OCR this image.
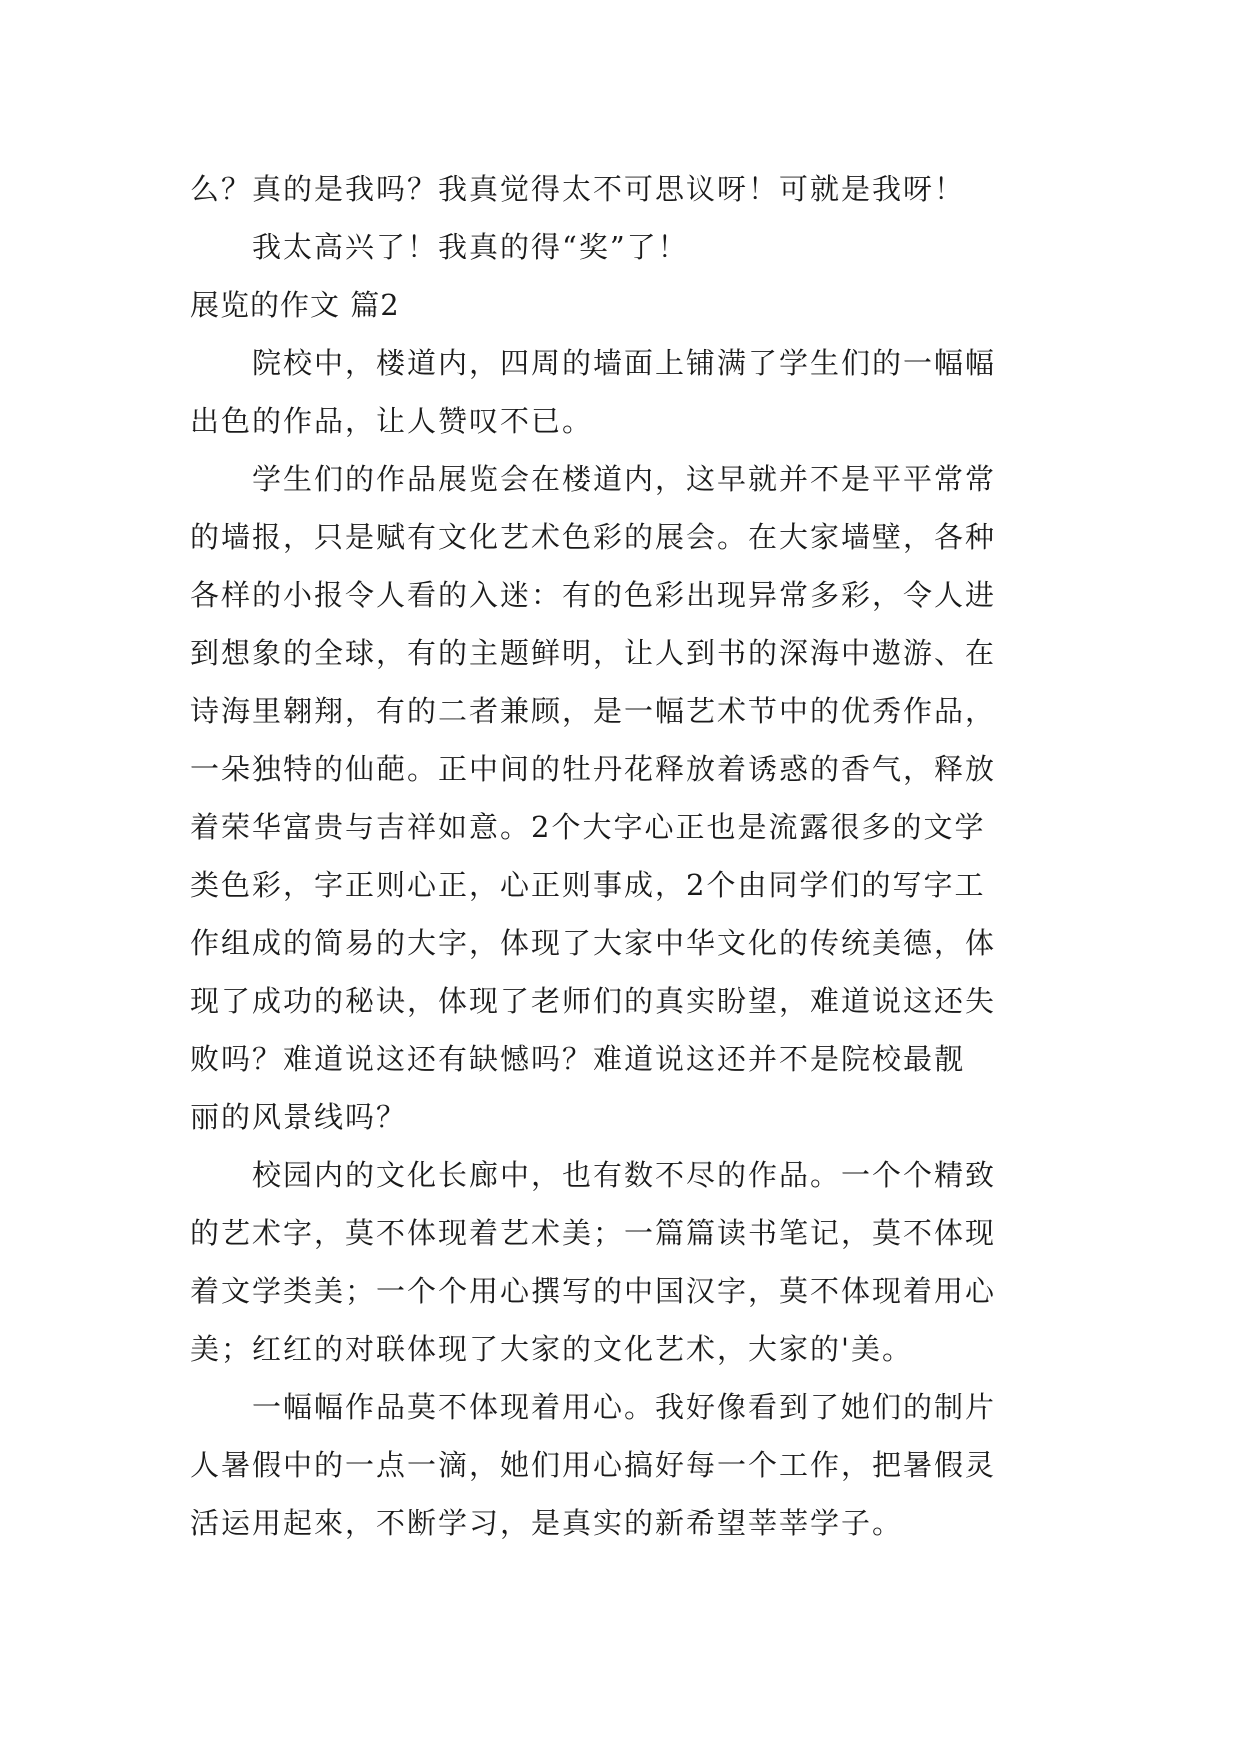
么？真的是我吗？我真觉得太不可思议呀！可就是我呀！
我太高兴了！我真的得“奖”了！
展览的作文 篇2
院校中，楼道内，四周的墙面上铺满了学生们的一幅幅
出色的作品，让人赞叹不已。
学生们的作品展览会在楼道内，这早就并不是平平常常
的墙报，只是赋有文化艺术色彩的展会。在大家墙壁，各种
各样的小报令人看的入迷：有的色彩出现异常多彩，令人进
到想象的全球，有的主题鲜明，让人到书的深海中遨游、在
诗海里翱翔，有的二者兼顾，是一幅艺术节中的优秀作品，
一朵独特的仙葩。正中间的牡丹花释放着诱惑的香气，释放
着荣华富贵与吉祥如意。2个大字心正也是流露很多的文学
类色彩，字正则心正，心正则事成，2个由同学们的写字工
作组成的简易的大字，体现了大家中华文化的传统美德，体
现了成功的秘诀，体现了老师们的真实盼望，难道说这还失
败吗？难道说这还有缺憾吗？难道说这还并不是院校最靓
丽的风景线吗？
校园内的文化长廊中，也有数不尽的作品。一个个精致
的艺术字，莫不体现着艺术美；一篇篇读书笔记，莫不体现
着文学类美；一个个用心撰写的中国汉字，莫不体现着用心
美；红红的对联体现了大家的文化艺术，大家的'美。
一幅幅作品莫不体现着用心。我好像看到了她们的制片
人暑假中的一点一滴，她们用心搞好每一个工作，把暑假灵
活运用起來，不断学习，是真实的新希望莘莘学子。
